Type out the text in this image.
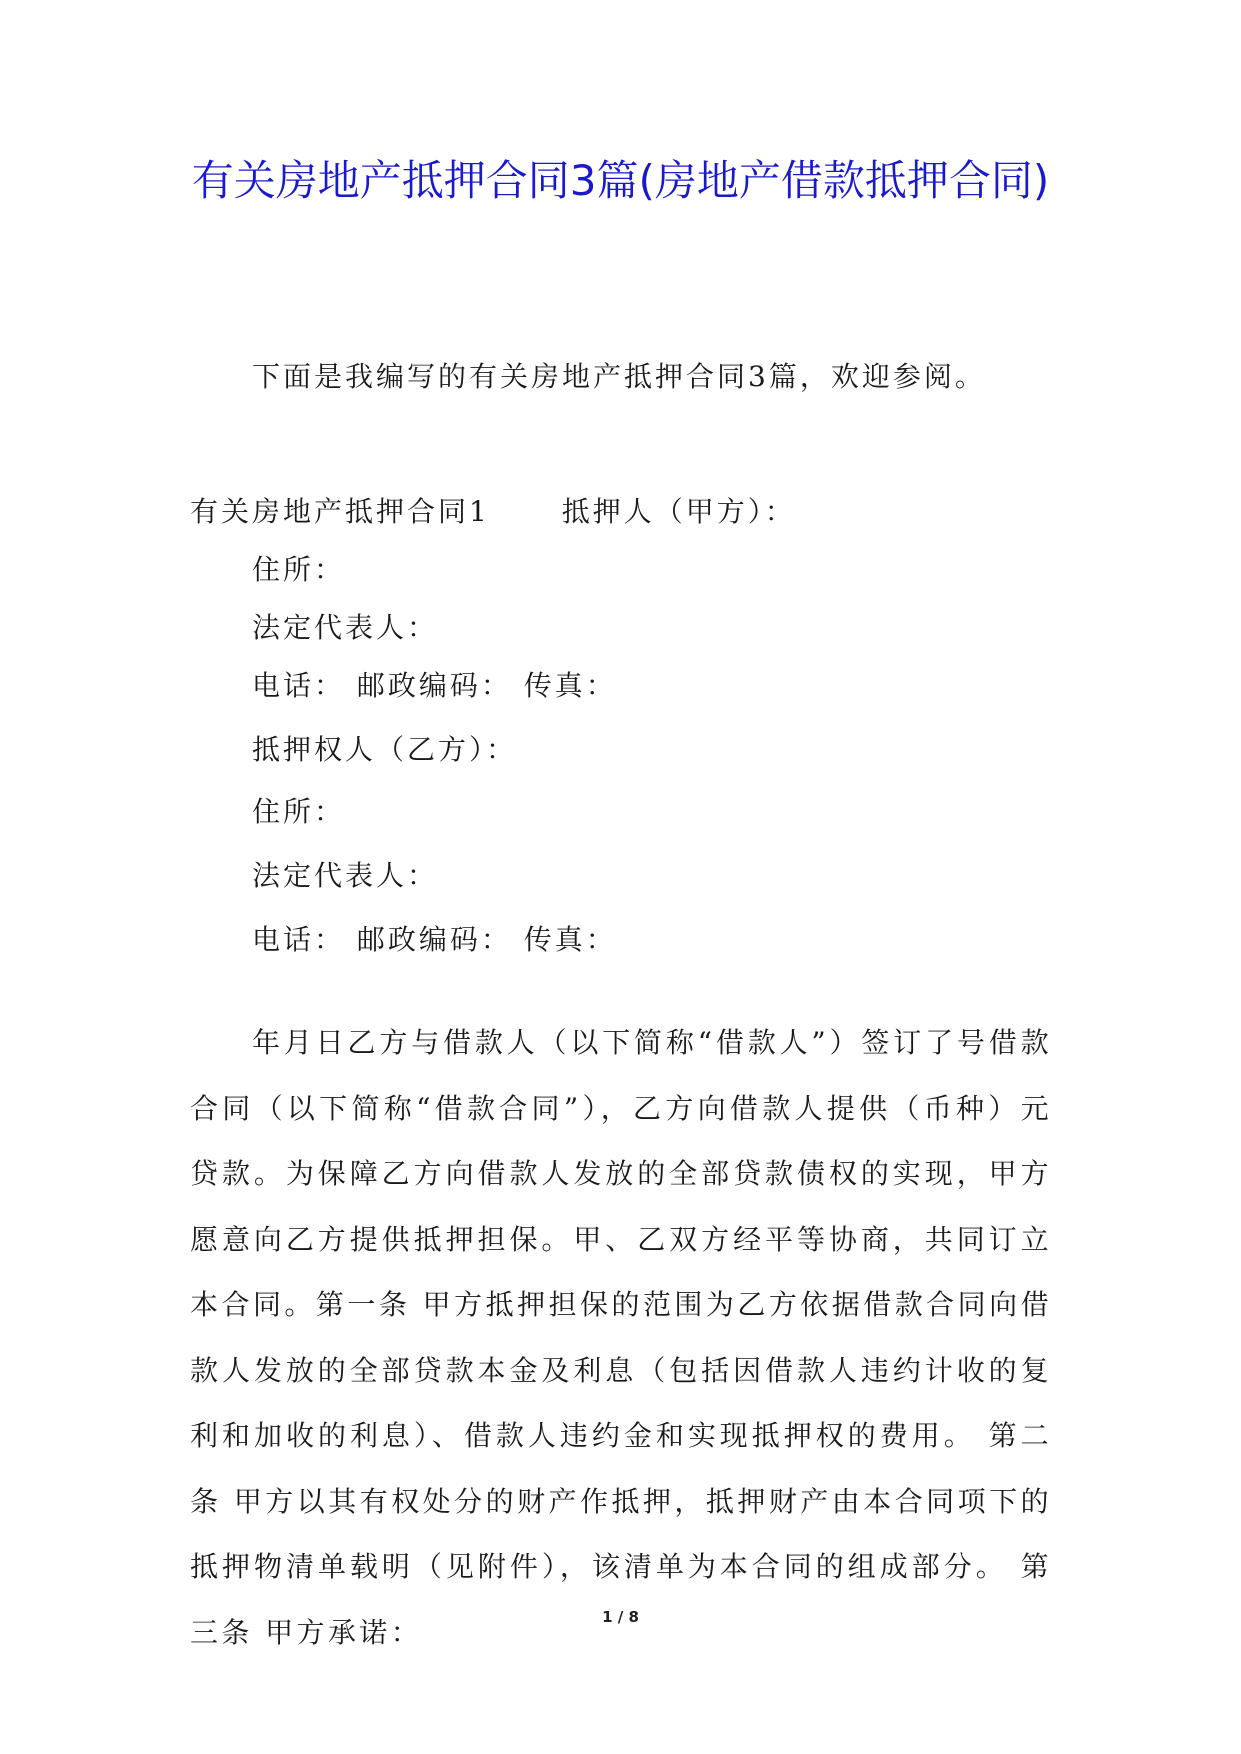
有关房地产抵押合同3篇(房地产借款抵押合同)
下面是我编写的有关房地产抵押合同3篇，欢迎参阅。
有关房地产抵押合同1	抵押人（甲方）：
住所：
法定代表人：
电话： 邮政编码： 传真：
抵押权人（乙方）：
住所：
法定代表人：
电话： 邮政编码： 传真：

年月日乙方与借款人（以下简称“借款人”）签订了号借款合同（以下简称“借款合同”），乙方向借款人提供（币种）元贷款。为保障乙方向借款人发放的全部贷款债权的实现，甲方愿意向乙方提供抵押担保。甲、乙双方经平等协商，共同订立本合同。第一条 甲方抵押担保的范围为乙方依据借款合同向借款人发放的全部贷款本金及利息（包括因借款人违约计收的复利和加收的利息）、借款人违约金和实现抵押权的费用。 第二条 甲方以其有权处分的财产作抵押，抵押财产由本合同项下的抵押物清单载明（见附件），该清单为本合同的组成部分。 第三条 甲方承诺：	1 / 8
